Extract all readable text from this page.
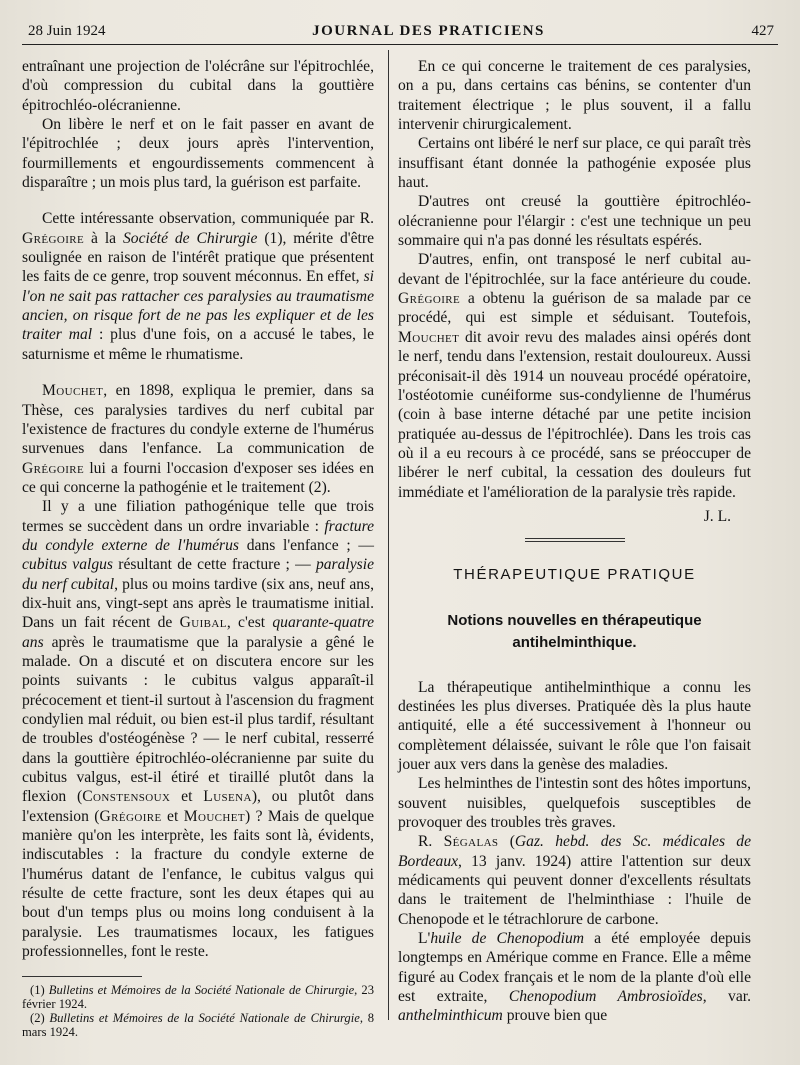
28 Juin 1924	JOURNAL DES PRATICIENS	427

entraînant une projection de l'olécrâne sur l'épitrochlée, d'où compression du cubital dans la gouttière épitrochléo-olécranienne.

On libère le nerf et on le fait passer en avant de l'épitrochlée ; deux jours après l'intervention, fourmillements et engourdissements commencent à disparaître ; un mois plus tard, la guérison est parfaite.

Cette intéressante observation, communiquée par R. Grégoire à la Société de Chirurgie (1), mérite d'être soulignée en raison de l'intérêt pratique que présentent les faits de ce genre, trop souvent méconnus. En effet, si l'on ne sait pas rattacher ces paralysies au traumatisme ancien, on risque fort de ne pas les expliquer et de les traiter mal : plus d'une fois, on a accusé le tabes, le saturnisme et même le rhumatisme.

Mouchet, en 1898, expliqua le premier, dans sa Thèse, ces paralysies tardives du nerf cubital par l'existence de fractures du condyle externe de l'humérus survenues dans l'enfance. La communication de Grégoire lui a fourni l'occasion d'exposer ses idées en ce qui concerne la pathogénie et le traitement (2).

Il y a une filiation pathogénique telle que trois termes se succèdent dans un ordre invariable : fracture du condyle externe de l'humérus dans l'enfance ; — cubitus valgus résultant de cette fracture ; — paralysie du nerf cubital, plus ou moins tardive (six ans, neuf ans, dix-huit ans, vingt-sept ans après le traumatisme initial. Dans un fait récent de Guibal, c'est quarante-quatre ans après le traumatisme que la paralysie a gêné le malade. On a discuté et on discutera encore sur les points suivants : le cubitus valgus apparaît-il précocement et tient-il surtout à l'ascension du fragment condylien mal réduit, ou bien est-il plus tardif, résultant de troubles d'ostéogénèse ? — le nerf cubital, resserré dans la gouttière épitrochléo-olécranienne par suite du cubitus valgus, est-il étiré et tiraillé plutôt dans la flexion (Constensoux et Lusena), ou plutôt dans l'extension (Grégoire et Mouchet) ? Mais de quelque manière qu'on les interprète, les faits sont là, évidents, indiscutables : la fracture du condyle externe de l'humérus datant de l'enfance, le cubitus valgus qui résulte de cette fracture, sont les deux étapes qui au bout d'un temps plus ou moins long conduisent à la paralysie. Les traumatismes locaux, les fatigues professionnelles, font le reste.

(1) Bulletins et Mémoires de la Société Nationale de Chirurgie, 23 février 1924.

(2) Bulletins et Mémoires de la Société Nationale de Chirurgie, 8 mars 1924.

En ce qui concerne le traitement de ces paralysies, on a pu, dans certains cas bénins, se contenter d'un traitement électrique ; le plus souvent, il a fallu intervenir chirurgicalement.

Certains ont libéré le nerf sur place, ce qui paraît très insuffisant étant donnée la pathogénie exposée plus haut.

D'autres ont creusé la gouttière épitrochléo-olécranienne pour l'élargir : c'est une technique un peu sommaire qui n'a pas donné les résultats espérés.

D'autres, enfin, ont transposé le nerf cubital au-devant de l'épitrochlée, sur la face antérieure du coude. Grégoire a obtenu la guérison de sa malade par ce procédé, qui est simple et séduisant. Toutefois, Mouchet dit avoir revu des malades ainsi opérés dont le nerf, tendu dans l'extension, restait douloureux. Aussi préconisait-il dès 1914 un nouveau procédé opératoire, l'ostéotomie cunéiforme sus-condylienne de l'humérus (coin à base interne détaché par une petite incision pratiquée au-dessus de l'épitrochlée). Dans les trois cas où il a eu recours à ce procédé, sans se préoccuper de libérer le nerf cubital, la cessation des douleurs fut immédiate et l'amélioration de la paralysie très rapide.

J. L.
THÉRAPEUTIQUE PRATIQUE
Notions nouvelles en thérapeutique antihelminthique.

La thérapeutique antihelminthique a connu les destinées les plus diverses. Pratiquée dès la plus haute antiquité, elle a été successivement à l'honneur ou complètement délaissée, suivant le rôle que l'on faisait jouer aux vers dans la genèse des maladies.

Les helminthes de l'intestin sont des hôtes importuns, souvent nuisibles, quelquefois susceptibles de provoquer des troubles très graves.

R. Ségalas (Gaz. hebd. des Sc. médicales de Bordeaux, 13 janv. 1924) attire l'attention sur deux médicaments qui peuvent donner d'excellents résultats dans le traitement de l'helminthiase : l'huile de Chenopode et le tétrachlorure de carbone.

L'huile de Chenopodium a été employée depuis longtemps en Amérique comme en France. Elle a même figuré au Codex français et le nom de la plante d'où elle est extraite, Chenopodium Ambrosioïdes, var. anthelminthicum prouve bien que
